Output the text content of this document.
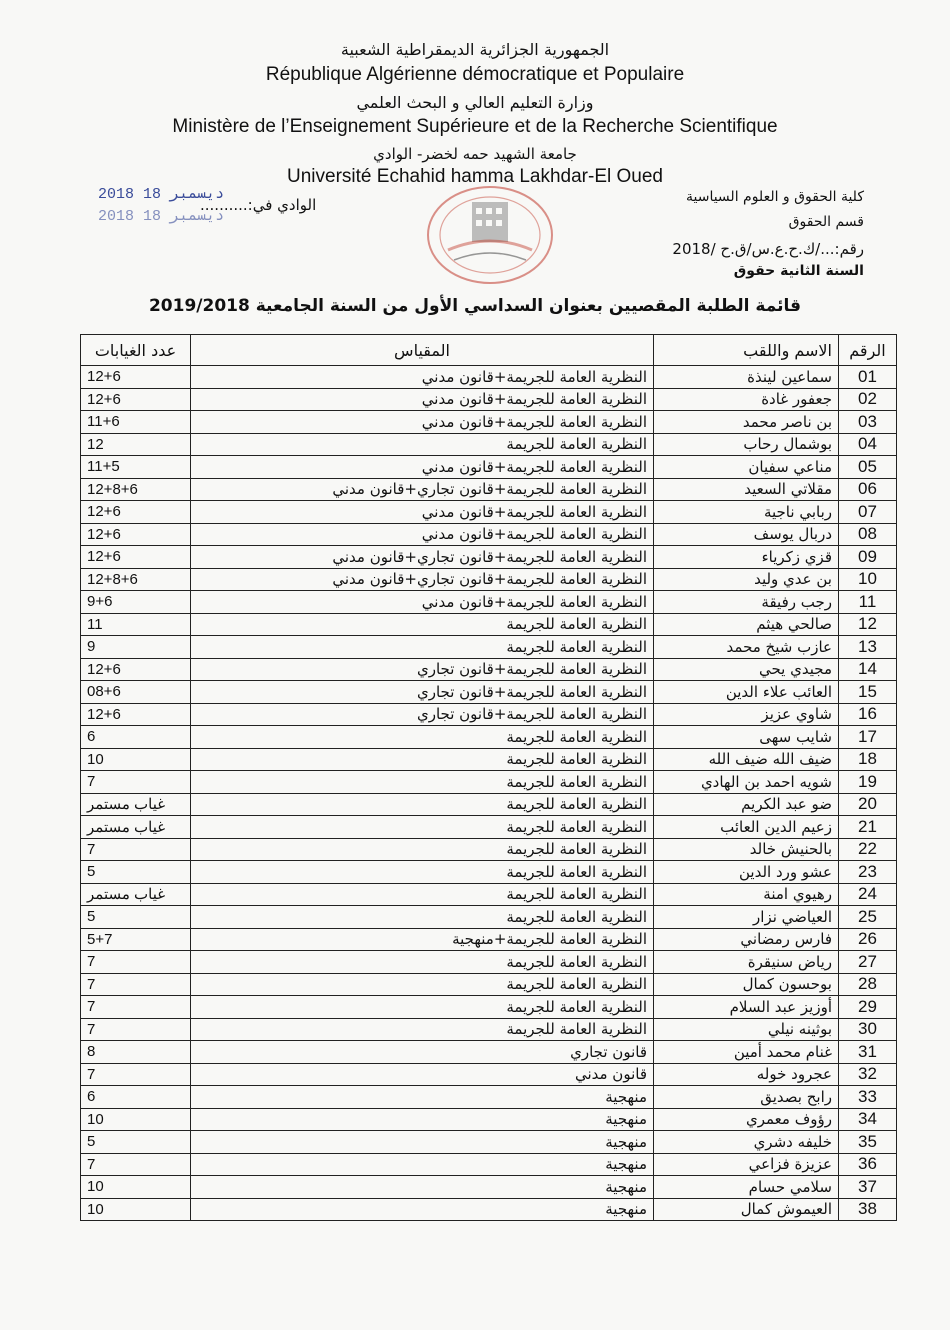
الجمهورية الجزائرية الديمقراطية الشعبية
République Algérienne démocratique et Populaire
وزارة التعليم العالي و البحث العلمي
Ministère de l’Enseignement Supérieure et de la Recherche Scientifique
جامعة الشهيد حمه لخضر- الوادي
Université Echahid hamma Lakhdar-El Oued
كلية الحقوق و العلوم السياسية
قسم الحقوق
رقم:.../ك.ح.ع.س/ق.ح /2018
السنة الثانية حقوق
الوادي في:..........
2018 دیسمبر 18
2018 دیسمبر 18
قائمة الطلبة المقصيين بعنوان السداسي الأول من السنة الجامعية 2019/2018
الرقم	الاسم واللقب	المقياس	عدد الغيابات
01	سماعين لينذة	النظرية العامة للجريمة+قانون مدني	12+6
02	جعفور غادة	النظرية العامة للجريمة+قانون مدني	12+6
03	بن ناصر محمد	النظرية العامة للجريمة+قانون مدني	11+6
04	بوشمال رحاب	النظرية العامة للجريمة	12
05	مناعي سفيان	النظرية العامة للجريمة+قانون مدني	11+5
06	مقلاتي السعيد	النظرية العامة للجريمة+قانون تجاري+قانون مدني	12+8+6
07	ربابي ناجية	النظرية العامة للجريمة+قانون مدني	12+6
08	دربال يوسف	النظرية العامة للجريمة+قانون مدني	12+6
09	قزي زكرياء	النظرية العامة للجريمة+قانون تجاري+قانون مدني	12+6
10	بن عدي وليد	النظرية العامة للجريمة+قانون تجاري+قانون مدني	12+8+6
11	رجب رفيقة	النظرية العامة للجريمة+قانون مدني	9+6
12	صالحي هيثم	النظرية العامة للجريمة	11
13	عازب شيخ محمد	النظرية العامة للجريمة	9
14	مجيدي يحي	النظرية العامة للجريمة+قانون تجاري	12+6
15	العائب علاء الدين	النظرية العامة للجريمة+قانون تجاري	08+6
16	شاوي عزيز	النظرية العامة للجريمة+قانون تجاري	12+6
17	شايب سهى	النظرية العامة للجريمة	6
18	ضيف الله ضيف الله	النظرية العامة للجريمة	10
19	شويه احمد بن الهادي	النظرية العامة للجريمة	7
20	ضو عبد الكريم	النظرية العامة للجريمة	غياب مستمر
21	زعيم الدين العائب	النظرية العامة للجريمة	غياب مستمر
22	بالحنيش خالد	النظرية العامة للجريمة	7
23	عشو ورد الدين	النظرية العامة للجريمة	5
24	رهيوي امنة	النظرية العامة للجريمة	غياب مستمر
25	العياضي نزار	النظرية العامة للجريمة	5
26	فارس رمضاني	النظرية العامة للجريمة+منهجية	5+7
27	رياض سنيقرة	النظرية العامة للجريمة	7
28	بوحسون كمال	النظرية العامة للجريمة	7
29	أوزيز عبد السلام	النظرية العامة للجريمة	7
30	بوثينه نيلي	النظرية العامة للجريمة	7
31	غنام محمد أمين	قانون تجاري	8
32	عجرود خوله	قانون مدني	7
33	رابح بصديق	منهجية	6
34	رؤوف معمري	منهجية	10
35	خليفه دشري	منهجية	5
36	عزيزة فزاعي	منهجية	7
37	سلامي حسام	منهجية	10
38	العيموش كمال	منهجية	10
